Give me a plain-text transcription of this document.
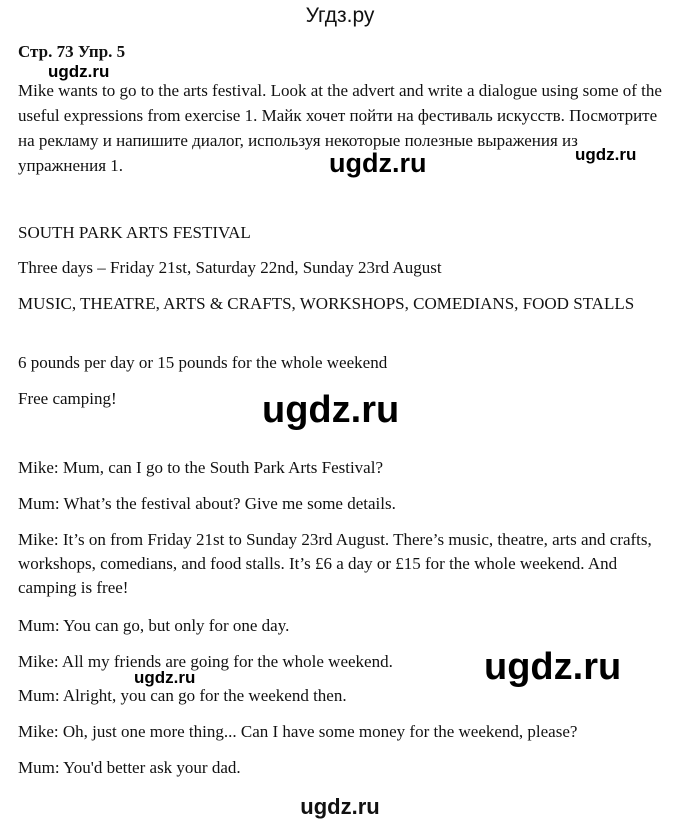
Угдз.ру
Стр. 73 Упр. 5
Mike wants to go to the arts festival. Look at the advert and write a dialogue using some of the useful expressions from exercise 1. Майк хочет пойти на фестиваль искусств. Посмотрите на рекламу и напишите диалог, используя некоторые полезные выражения из упражнения 1.
SOUTH PARK ARTS FESTIVAL
Three days – Friday 21st, Saturday 22nd, Sunday 23rd August
MUSIC, THEATRE, ARTS & CRAFTS, WORKSHOPS, COMEDIANS, FOOD STALLS
6 pounds per day or 15 pounds for the whole weekend
Free camping!
Mike: Mum, can I go to the South Park Arts Festival?
Mum: What’s the festival about? Give me some details.
Mike: It’s on from Friday 21st to Sunday 23rd August. There’s music, theatre, arts and crafts, workshops, comedians, and food stalls. It’s £6 a day or £15 for the whole weekend. And camping is free!
Mum: You can go, but only for one day.
Mike: All my friends are going for the whole weekend.
Mum: Alright, you can go for the weekend then.
Mike: Oh, just one more thing... Can I have some money for the weekend, please?
Mum: You'd better ask your dad.
ugdz.ru
ugdz.ru	ugdz.ru
ugdz.ru
ugdz.ru
ugdz.ru
ugdz.ru
